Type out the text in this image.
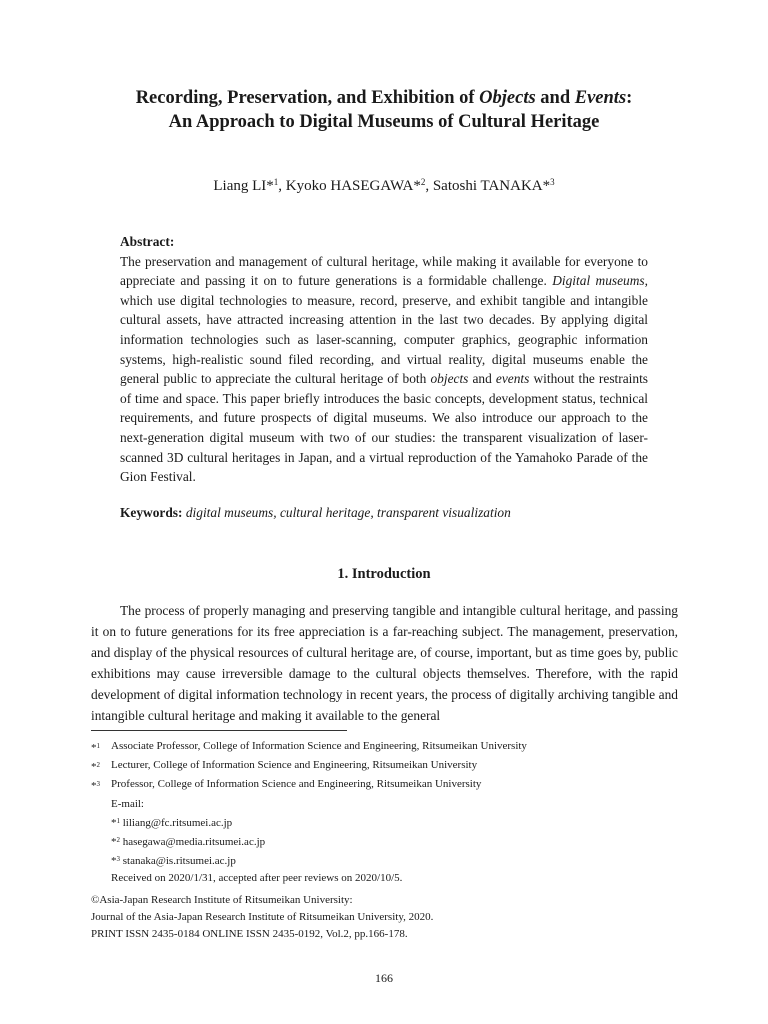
Recording, Preservation, and Exhibition of Objects and Events:
An Approach to Digital Museums of Cultural Heritage
Liang LI*$^1$, Kyoko HASEGAWA*$^2$, Satoshi TANAKA*$^3$
Abstract:
The preservation and management of cultural heritage, while making it available for everyone to appreciate and passing it on to future generations is a formidable challenge. Digital museums, which use digital technologies to measure, record, preserve, and exhibit tangible and intangible cultural assets, have attracted increasing attention in the last two decades. By applying digital information technologies such as laser-scanning, computer graphics, geographic information systems, high-realistic sound filed recording, and virtual reality, digital museums enable the general public to appreciate the cultural heritage of both objects and events without the restraints of time and space. This paper briefly introduces the basic concepts, development status, technical requirements, and future prospects of digital museums. We also introduce our approach to the next-generation digital museum with two of our studies: the transparent visualization of laser-scanned 3D cultural heritages in Japan, and a virtual reproduction of the Yamahoko Parade of the Gion Festival.
Keywords: digital museums, cultural heritage, transparent visualization
1. Introduction
The process of properly managing and preserving tangible and intangible cultural heritage, and passing it on to future generations for its free appreciation is a far-reaching subject. The management, preservation, and display of the physical resources of cultural heritage are, of course, important, but as time goes by, public exhibitions may cause irreversible damage to the cultural objects themselves. Therefore, with the rapid development of digital information technology in recent years, the process of digitally archiving tangible and intangible cultural heritage and making it available to the general
*$^1$	Associate Professor, College of Information Science and Engineering, Ritsumeikan University
*$^2$	Lecturer, College of Information Science and Engineering, Ritsumeikan University
*$^3$	Professor, College of Information Science and Engineering, Ritsumeikan University
E-mail:
*$^1$ liliang@fc.ritsumei.ac.jp
*$^2$ hasegawa@media.ritsumei.ac.jp
*$^3$ stanaka@is.ritsumei.ac.jp
Received on 2020/1/31, accepted after peer reviews on 2020/10/5.
©Asia-Japan Research Institute of Ritsumeikan University:
Journal of the Asia-Japan Research Institute of Ritsumeikan University, 2020.
PRINT ISSN 2435-0184 ONLINE ISSN 2435-0192, Vol.2, pp.166-178.
166
